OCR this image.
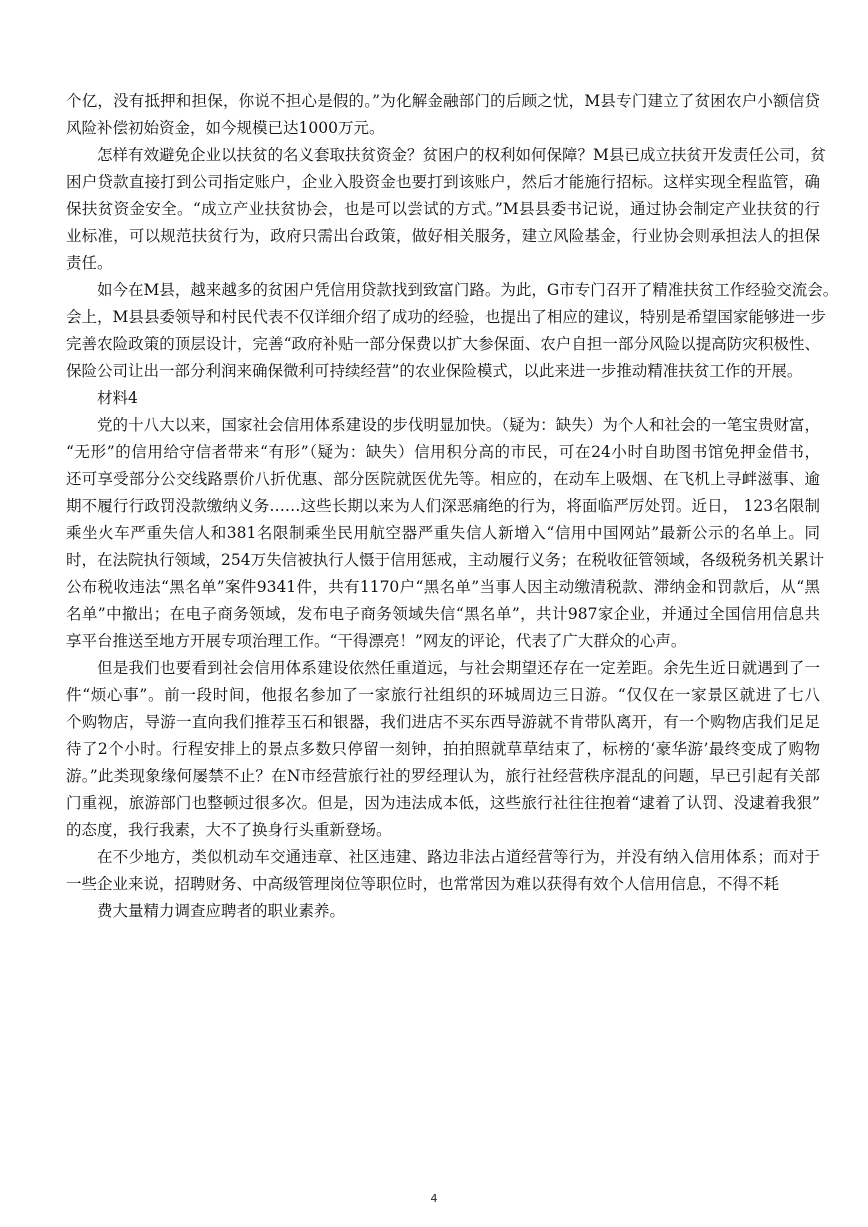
个亿，没有抵押和担保，你说不担心是假的。”为化解金融部门的后顾之忧，M县专门建立了贫困农户小额信贷
风险补偿初始资金，如今规模已达1000万元。
怎样有效避免企业以扶贫的名义套取扶贫资金？贫困户的权利如何保障？M县已成立扶贫开发责任公司，贫
困户贷款直接打到公司指定账户，企业入股资金也要打到该账户，然后才能施行招标。这样实现全程监管，确
保扶贫资金安全。“成立产业扶贫协会，也是可以尝试的方式。”M县县委书记说，通过协会制定产业扶贫的行
业标准，可以规范扶贫行为，政府只需出台政策，做好相关服务，建立风险基金，行业协会则承担法人的担保
责任。
如今在M县，越来越多的贫困户凭信用贷款找到致富门路。为此，G市专门召开了精准扶贫工作经验交流会。
会上，M县县委领导和村民代表不仅详细介绍了成功的经验，也提出了相应的建议，特别是希望国家能够进一步
完善农险政策的顶层设计，完善“政府补贴一部分保费以扩大参保面、农户自担一部分风险以提高防灾积极性、
保险公司让出一部分利润来确保微利可持续经营”的农业保险模式，以此来进一步推动精准扶贫工作的开展。
材料4
党的十八大以来，国家社会信用体系建设的步伐明显加快。（疑为：缺失）为个人和社会的一笔宝贵财富，
“无形”的信用给守信者带来“有形”（疑为：缺失）信用积分高的市民，可在24小时自助图书馆免押金借书，
还可享受部分公交线路票价八折优惠、部分医院就医优先等。相应的，在动车上吸烟、在飞机上寻衅滋事、逾
期不履行行政罚没款缴纳义务……这些长期以来为人们深恶痛绝的行为，将面临严厉处罚。近日， 123名限制
乘坐火车严重失信人和381名限制乘坐民用航空器严重失信人新增入“信用中国网站”最新公示的名单上。同
时，在法院执行领域，254万失信被执行人慑于信用惩戒，主动履行义务；在税收征管领域，各级税务机关累计
公布税收违法“黑名单”案件9341件，共有1170户“黑名单”当事人因主动缴清税款、滞纳金和罚款后，从“黑
名单”中撤出；在电子商务领域，发布电子商务领域失信“黑名单”，共计987家企业，并通过全国信用信息共
享平台推送至地方开展专项治理工作。“干得漂亮！”网友的评论，代表了广大群众的心声。
但是我们也要看到社会信用体系建设依然任重道远，与社会期望还存在一定差距。余先生近日就遇到了一
件“烦心事”。前一段时间，他报名参加了一家旅行社组织的环城周边三日游。“仅仅在一家景区就进了七八
个购物店，导游一直向我们推荐玉石和银器，我们进店不买东西导游就不肯带队离开，有一个购物店我们足足
待了2个小时。行程安排上的景点多数只停留一刻钟，拍拍照就草草结束了，标榜的‘豪华游’最终变成了购物
游。”此类现象缘何屡禁不止？在N市经营旅行社的罗经理认为，旅行社经营秩序混乱的问题，早已引起有关部
门重视，旅游部门也整顿过很多次。但是，因为违法成本低，这些旅行社往往抱着“逮着了认罚、没逮着我狠”
的态度，我行我素，大不了换身行头重新登场。
在不少地方，类似机动车交通违章、社区违建、路边非法占道经营等行为，并没有纳入信用体系；而对于
一些企业来说，招聘财务、中高级管理岗位等职位时，也常常因为难以获得有效个人信用信息，不得不耗
费大量精力调查应聘者的职业素养。
4
